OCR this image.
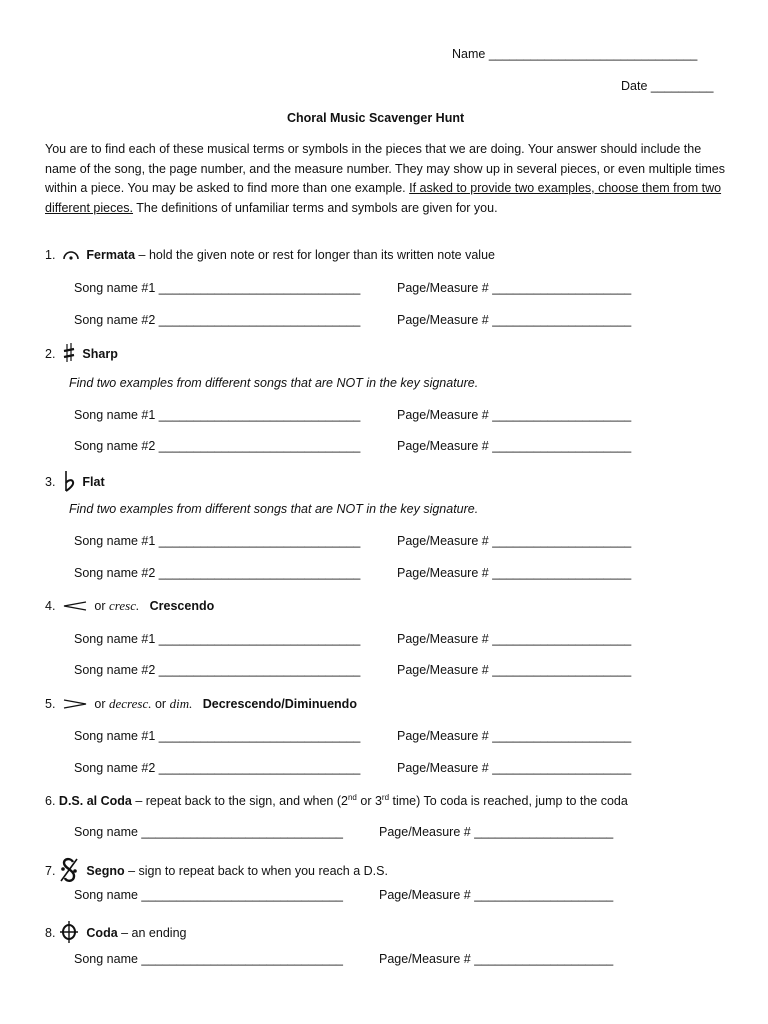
Name ______________________________
Date _________
Choral Music Scavenger Hunt
You are to find each of these musical terms or symbols in the pieces that we are doing. Your answer should include the name of the song, the page number, and the measure number. They may show up in several pieces, or even multiple times within a piece. You may be asked to find more than one example. If asked to provide two examples, choose them from two different pieces. The definitions of unfamiliar terms and symbols are given for you.
1. Fermata – hold the given note or rest for longer than its written note value
Song name #1 _____________________________	Page/Measure # ____________________
Song name #2 _____________________________	Page/Measure # ____________________
2. Sharp
Find two examples from different songs that are NOT in the key signature.
Song name #1 _____________________________	Page/Measure # ____________________
Song name #2 _____________________________	Page/Measure # ____________________
3. Flat
Find two examples from different songs that are NOT in the key signature.
Song name #1 _____________________________	Page/Measure # ____________________
Song name #2 _____________________________	Page/Measure # ____________________
4.	or cresc. Crescendo
Song name #1 _____________________________	Page/Measure # ____________________
Song name #2 _____________________________	Page/Measure # ____________________
5.	or decresc. or dim. Decrescendo/Diminuendo
Song name #1 _____________________________	Page/Measure # ____________________
Song name #2 _____________________________	Page/Measure # ____________________
6. D.S. al Coda – repeat back to the sign, and when (2nd or 3rd time) To coda is reached, jump to the coda
Song name _____________________________	Page/Measure # ____________________
7. Segno – sign to repeat back to when you reach a D.S.
Song name _____________________________	Page/Measure # ____________________
8. Coda – an ending
Song name _____________________________	Page/Measure # ____________________
